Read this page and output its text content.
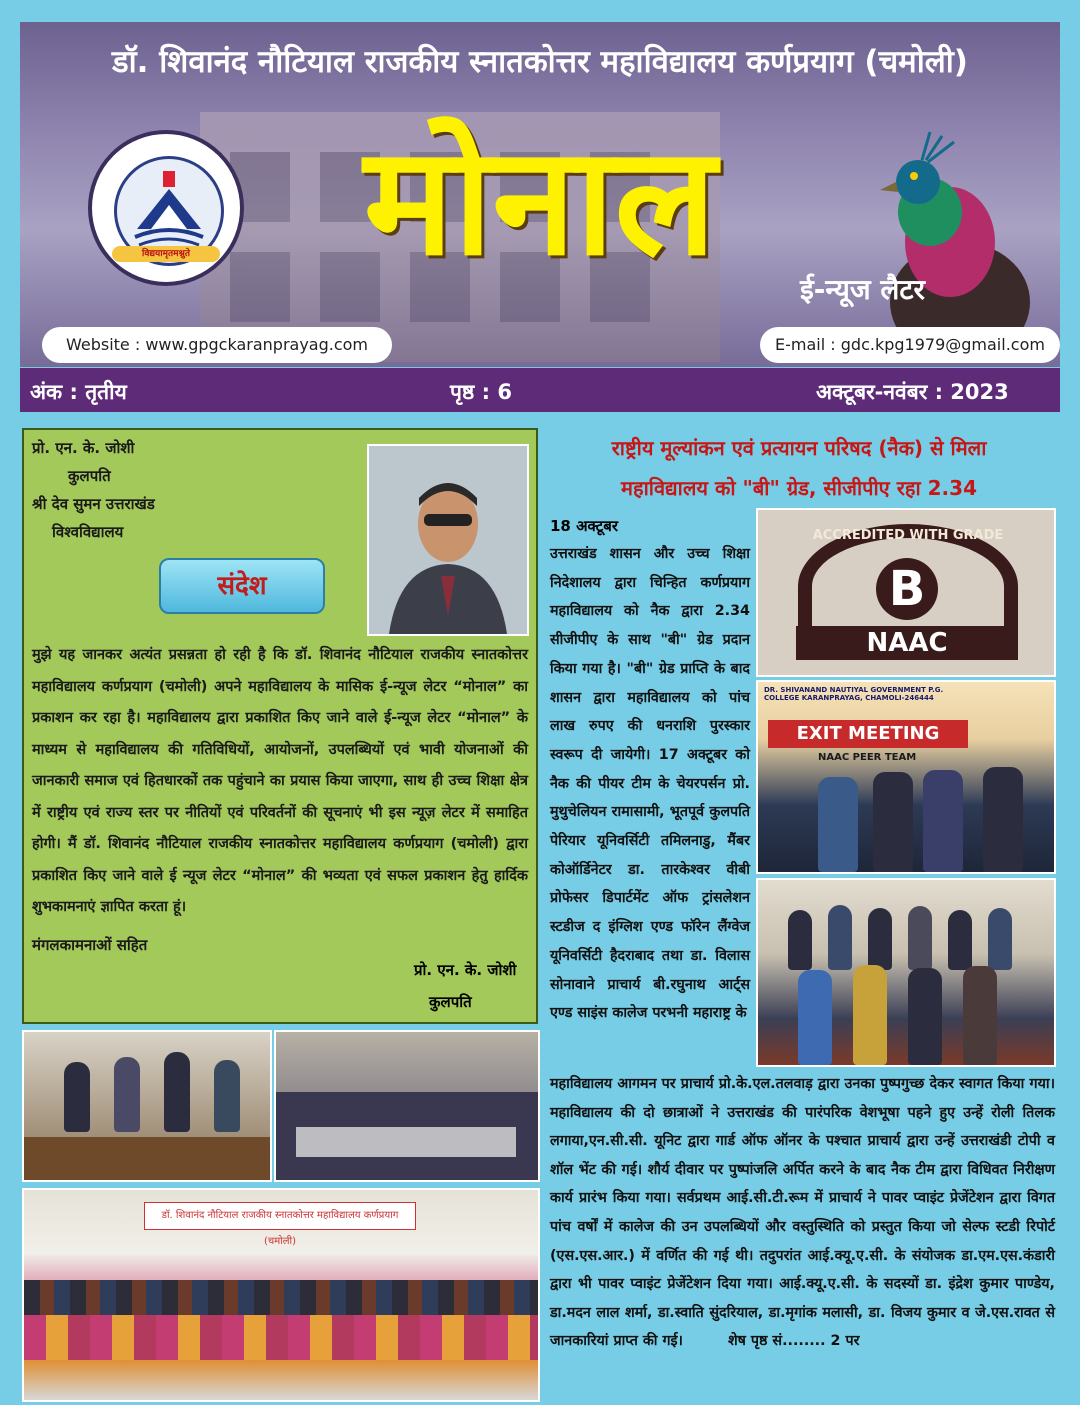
डॉ. शिवानंद नौटियाल राजकीय स्नातकोत्तर महाविद्यालय कर्णप्रयाग (चमोली)
विद्ययामृतमश्नुते	मोनाल
ई-न्यूज लैटर
Website : www.gpgckaranprayag.com	E-mail : gdc.kpg1979@gmail.com
अंक : तृतीय	पृष्ठ : 6	अक्टूबर-नवंबर : 2023
प्रो. एन. के. जोशी
कुलपति
श्री देव सुमन उत्तराखंड
विश्वविद्यालय
संदेश
मुझे यह जानकर अत्यंत प्रसन्नता हो रही है कि डॉ. शिवानंद नौटियाल राजकीय स्नातकोत्तर महाविद्यालय कर्णप्रयाग (चमोली) अपने महाविद्यालय के मासिक ई-न्यूज लेटर “मोनाल” का प्रकाशन कर रहा है। महाविद्यालय द्वारा प्रकाशित किए जाने वाले ई-न्यूज लेटर “मोनाल” के माध्यम से महाविद्यालय की गतिविधियों, आयोजनों, उपलब्धियों एवं भावी योजनाओं की जानकारी समाज एवं हितधारकों तक पहुंचाने का प्रयास किया जाएगा, साथ ही उच्च शिक्षा क्षेत्र में राष्ट्रीय एवं राज्य स्तर पर नीतियों एवं परिवर्तनों की सूचनाएं भी इस न्यूज़ लेटर में समाहित होगी। मैं डॉ. शिवानंद नौटियाल राजकीय स्नातकोत्तर महाविद्यालय कर्णप्रयाग (चमोली) द्वारा प्रकाशित किए जाने वाले ई न्यूज लेटर “मोनाल” की भव्यता एवं सफल प्रकाशन हेतु हार्दिक शुभकामनाएं ज्ञापित करता हूं।
मंगलकामनाओं सहित
प्रो. एन. के. जोशी
कुलपति
डॉ. शिवानंद नौटियाल राजकीय स्नातकोत्तर महाविद्यालय कर्णप्रयाग (चमोली)
राष्ट्रीय मूल्यांकन एवं प्रत्यायन परिषद (नैक) से मिला
महाविद्यालय को "बी" ग्रेड, सीजीपीए रहा 2.34
18 अक्टूबर
उत्तराखंड शासन और उच्च शिक्षा निदेशालय द्वारा चिन्हित कर्णप्रयाग महाविद्यालय को नैक द्वारा 2.34 सीजीपीए के साथ "बी" ग्रेड प्रदान किया गया है। "बी" ग्रेड प्राप्ति के बाद शासन द्वारा महाविद्यालय को पांच लाख रुपए की धनराशि पुरस्कार स्वरूप दी जायेगी। 17 अक्टूबर को नैक की पीयर टीम के चेयरपर्सन प्रो. मुथुचेलियन रामासामी, भूतपूर्व कुलपति पेरियार यूनिवर्सिटी तमिलनाडु, मैंबर कोऑर्डिनेटर डा. तारकेश्वर वीबी प्रोफेसर डिपार्टमेंट ऑफ ट्रांसलेशन स्टडीज द इंग्लिश एण्ड फॉरेन लैंग्वेज यूनिवर्सिटी हैदराबाद तथा डा. विलास सोनावाने प्राचार्य बी.रघुनाथ आर्ट्स एण्ड साइंस कालेज परभनी महाराष्ट्र के
ACCREDITED WITH GRADE
B
NAAC
DR. SHIVANAND NAUTIYAL GOVERNMENT P.G. COLLEGE KARANPRAYAG, CHAMOLI-246444
EXIT MEETING
NAAC PEER TEAM
महाविद्यालय आगमन पर प्राचार्य प्रो.के.एल.तलवाड़ द्वारा उनका पुष्पगुच्छ देकर स्वागत किया गया। महाविद्यालय की दो छात्राओं ने उत्तराखंड की पारंपरिक वेशभूषा पहने हुए उन्हें रोली तिलक लगाया,एन.सी.सी. यूनिट द्वारा गार्ड ऑफ ऑनर के पश्चात प्राचार्य द्वारा उन्हें उत्तराखंडी टोपी व शॉल भेंट की गई। शौर्य दीवार पर पुष्पांजलि अर्पित करने के बाद नैक टीम द्वारा विधिवत निरीक्षण कार्य प्रारंभ किया गया। सर्वप्रथम आई.सी.टी.रूम में प्राचार्य ने पावर प्वाइंट प्रेजेंटेशन द्वारा विगत पांच वर्षों में कालेज की उन उपलब्धियों और वस्तुस्थिति को प्रस्तुत किया जो सेल्फ स्टडी रिपोर्ट (एस.एस.आर.) में वर्णित की गई थी। तदुपरांत आई.क्यू.ए.सी. के संयोजक डा.एम.एस.कंडारी द्वारा भी पावर प्वाइंट प्रेजेंटेशन दिया गया। आई.क्यू.ए.सी. के सदस्यों डा. इंद्रेश कुमार पाण्डेय, डा.मदन लाल शर्मा, डा.स्वाति सुंदरियाल, डा.मृगांक मलासी, डा. विजय कुमार व जे.एस.रावत से जानकारियां प्राप्त की गई।	शेष पृष्ठ सं........ 2 पर
